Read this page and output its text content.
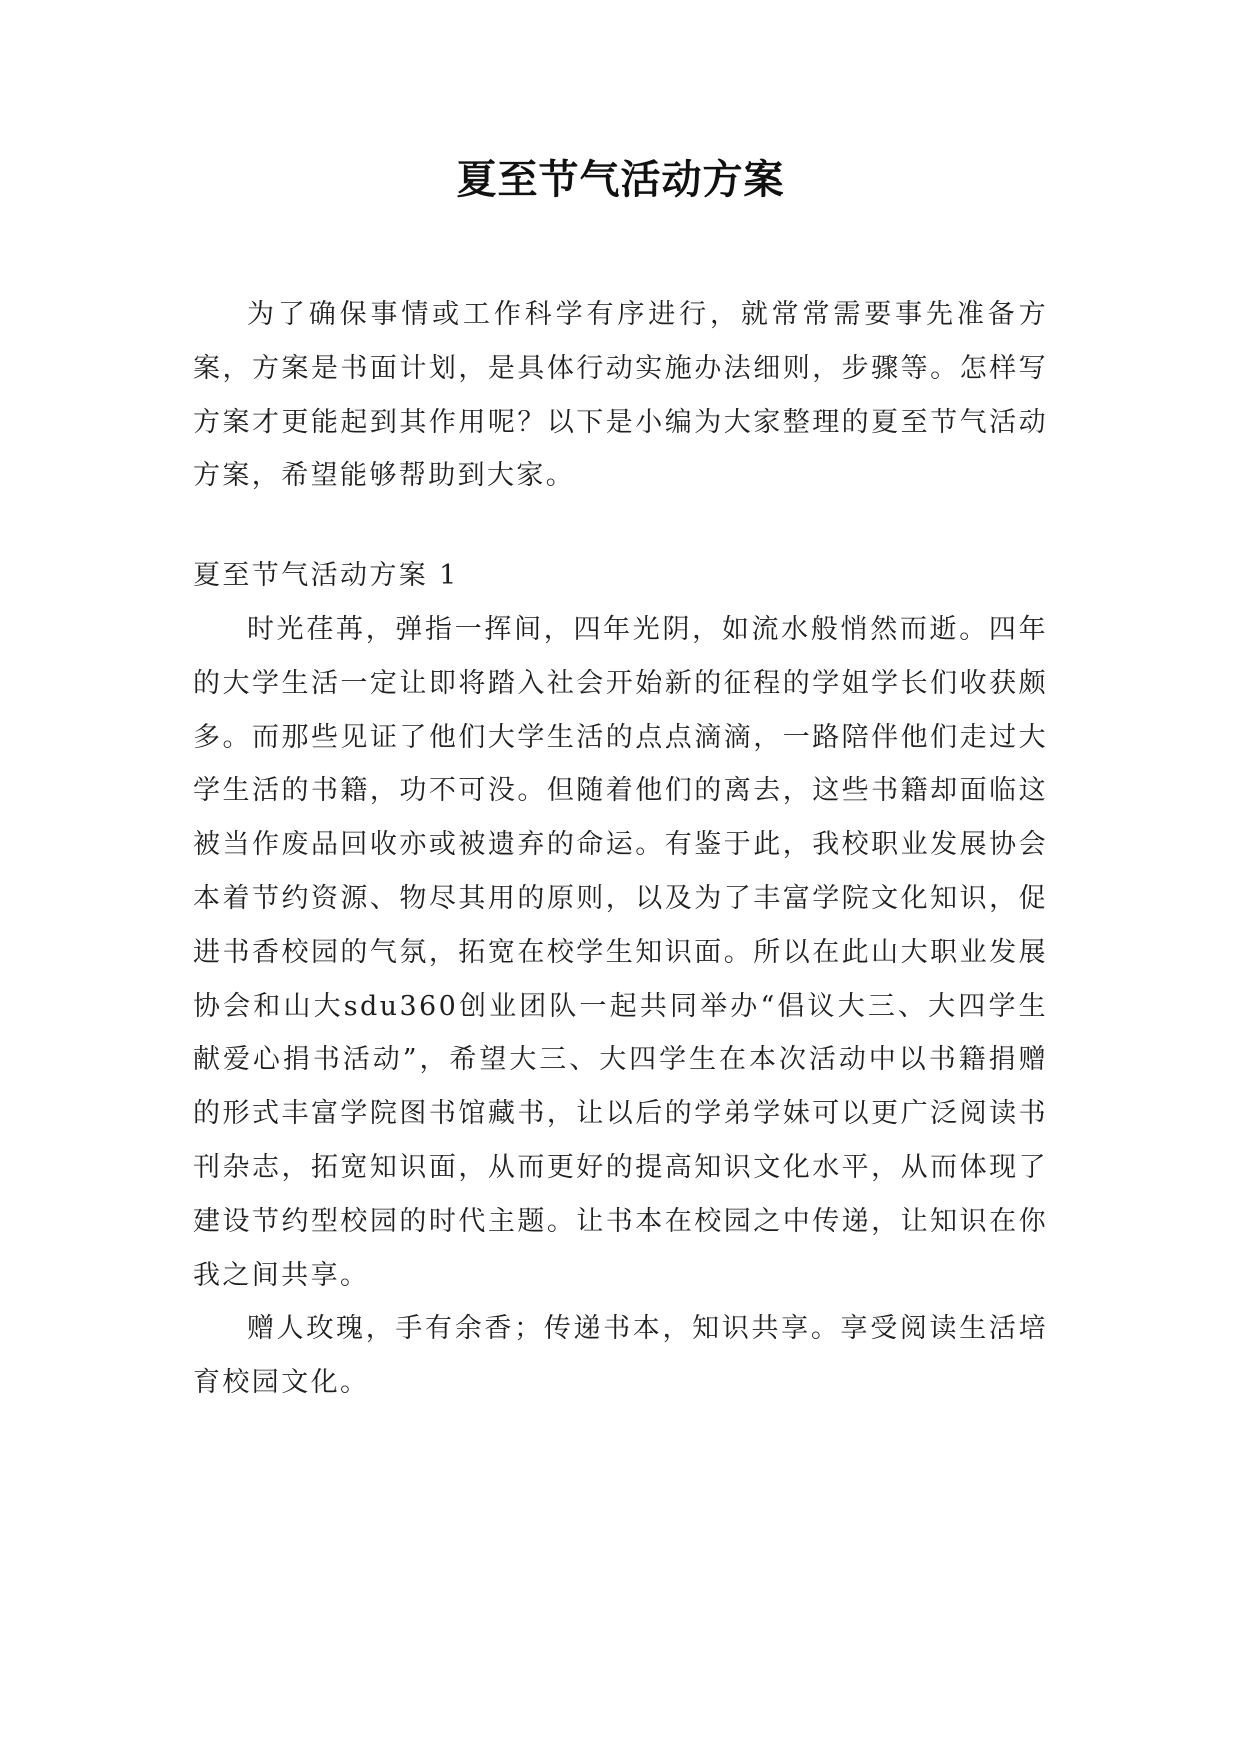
夏至节气活动方案

为了确保事情或工作科学有序进行，就常常需要事先准备方案，方案是书面计划，是具体行动实施办法细则，步骤等。怎样写方案才更能起到其作用呢？以下是小编为大家整理的夏至节气活动方案，希望能够帮助到大家。

夏至节气活动方案 1

时光荏苒，弹指一挥间，四年光阴，如流水般悄然而逝。四年的大学生活一定让即将踏入社会开始新的征程的学姐学长们收获颇多。而那些见证了他们大学生活的点点滴滴，一路陪伴他们走过大学生活的书籍，功不可没。但随着他们的离去，这些书籍却面临这被当作废品回收亦或被遗弃的命运。有鉴于此，我校职业发展协会本着节约资源、物尽其用的原则，以及为了丰富学院文化知识，促进书香校园的气氛，拓宽在校学生知识面。所以在此山大职业发展协会和山大sdu360创业团队一起共同举办“倡议大三、大四学生献爱心捐书活动”，希望大三、大四学生在本次活动中以书籍捐赠的形式丰富学院图书馆藏书，让以后的学弟学妹可以更广泛阅读书刊杂志，拓宽知识面，从而更好的提高知识文化水平，从而体现了建设节约型校园的时代主题。让书本在校园之中传递，让知识在你我之间共享。

赠人玫瑰，手有余香；传递书本，知识共享。享受阅读生活培育校园文化。
